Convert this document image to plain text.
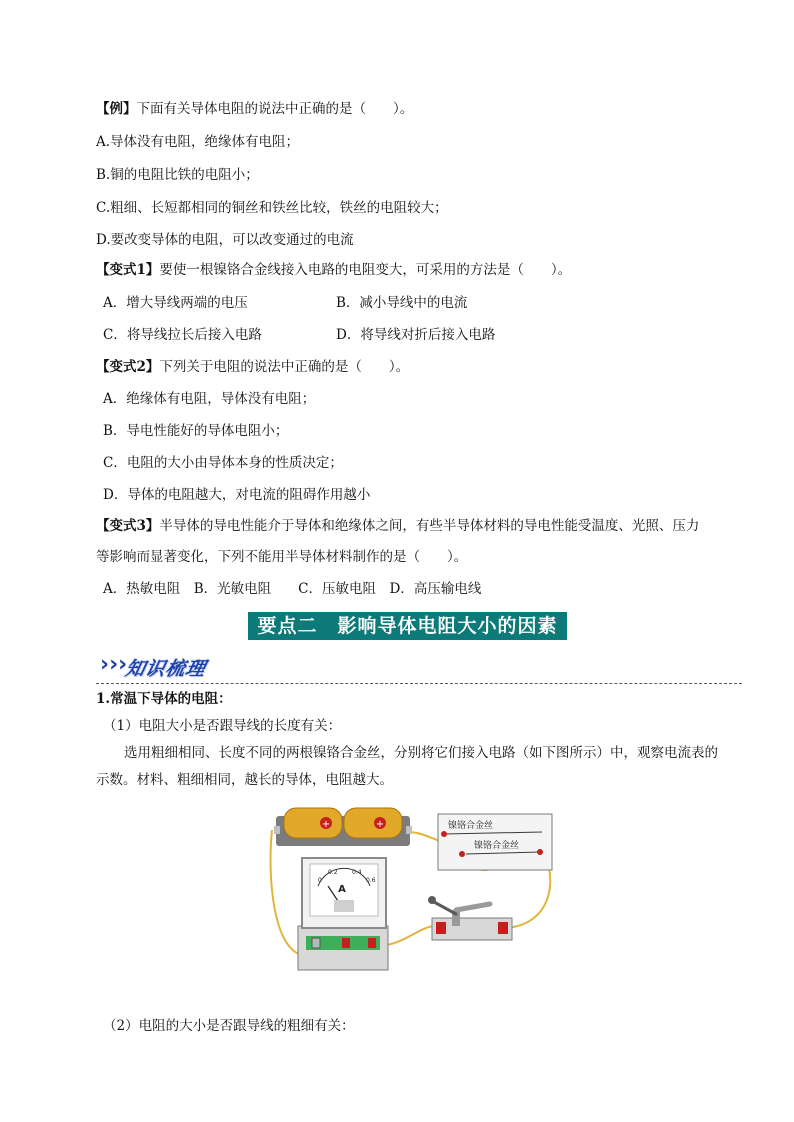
【例】下面有关导体电阻的说法中正确的是（　　）。
A.导体没有电阻，绝缘体有电阻；
B.铜的电阻比铁的电阻小；
C.粗细、长短都相同的铜丝和铁丝比较，铁丝的电阻较大；
D.要改变导体的电阻，可以改变通过的电流
【变式1】要使一根镍铬合金线接入电路的电阻变大，可采用的方法是（　　）。
A．增大导线两端的电压	B．减小导线中的电流
C．将导线拉长后接入电路	D．将导线对折后接入电路
【变式2】下列关于电阻的说法中正确的是（　　）。
A．绝缘体有电阻，导体没有电阻；
B．导电性能好的导体电阻小；
C．电阻的大小由导体本身的性质决定；
D．导体的电阻越大，对电流的阻碍作用越小
【变式3】半导体的导电性能介于导体和绝缘体之间，有些半导体材料的导电性能受温度、光照、压力
等影响而显著变化，下列不能用半导体材料制作的是（　　）。
A．热敏电阻　B．光敏电阻　　C．压敏电阻　D．高压输电线
要点二　影响导体电阻大小的因素
›››
知识梳理
1.常温下导体的电阻：
（1）电阻大小是否跟导线的长度有关：
选用粗细相同、长度不同的两根镍铬合金丝，分别将它们接入电路（如下图所示）中，观察电流表的
示数。材料、粗细相同，越长的导体，电阻越大。
+	+	镍铬合金丝
镍铬合金丝
0
0.2 0.4
0.6
A
（2）电阻的大小是否跟导线的粗细有关：
